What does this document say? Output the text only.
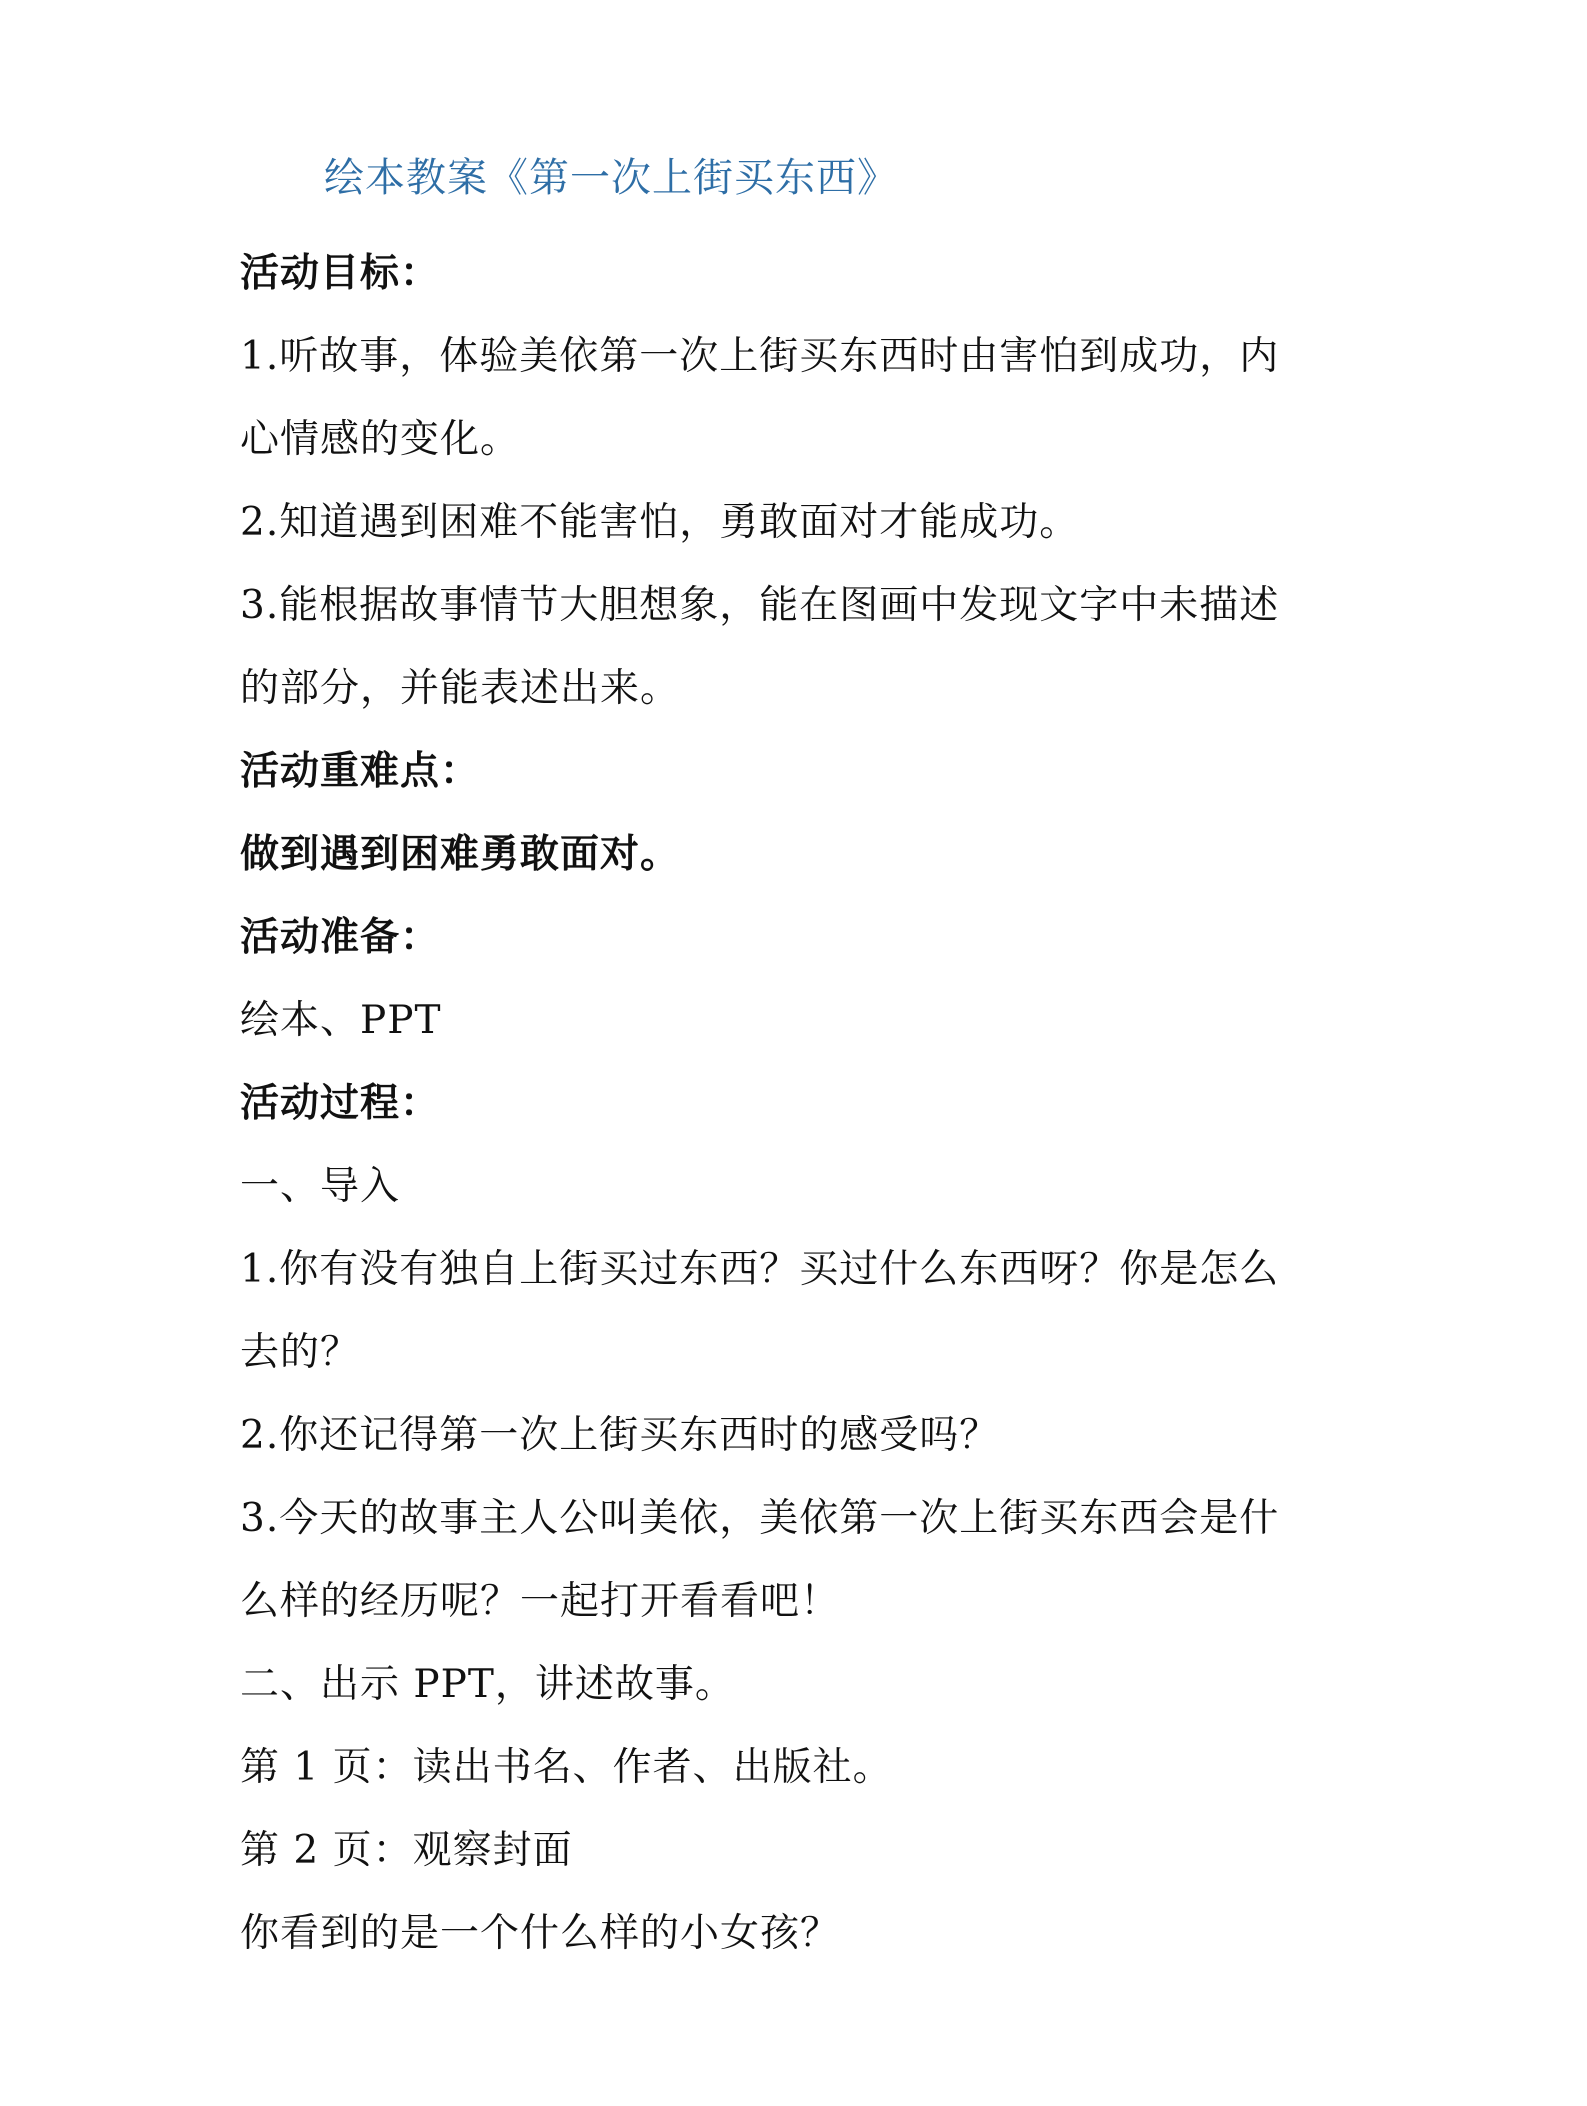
绘本教案《第一次上街买东西》
活动目标：
1.听故事，体验美依第一次上街买东西时由害怕到成功，内
心情感的变化。
2.知道遇到困难不能害怕，勇敢面对才能成功。
3.能根据故事情节大胆想象，能在图画中发现文字中未描述
的部分，并能表述出来。
活动重难点：
做到遇到困难勇敢面对。
活动准备：
绘本、PPT
活动过程：
一、导入
1.你有没有独自上街买过东西？买过什么东西呀？你是怎么
去的？
2.你还记得第一次上街买东西时的感受吗？
3.今天的故事主人公叫美依，美依第一次上街买东西会是什
么样的经历呢？一起打开看看吧！
二、出示 PPT，讲述故事。
第 1 页：读出书名、作者、出版社。
第 2 页：观察封面
你看到的是一个什么样的小女孩？
